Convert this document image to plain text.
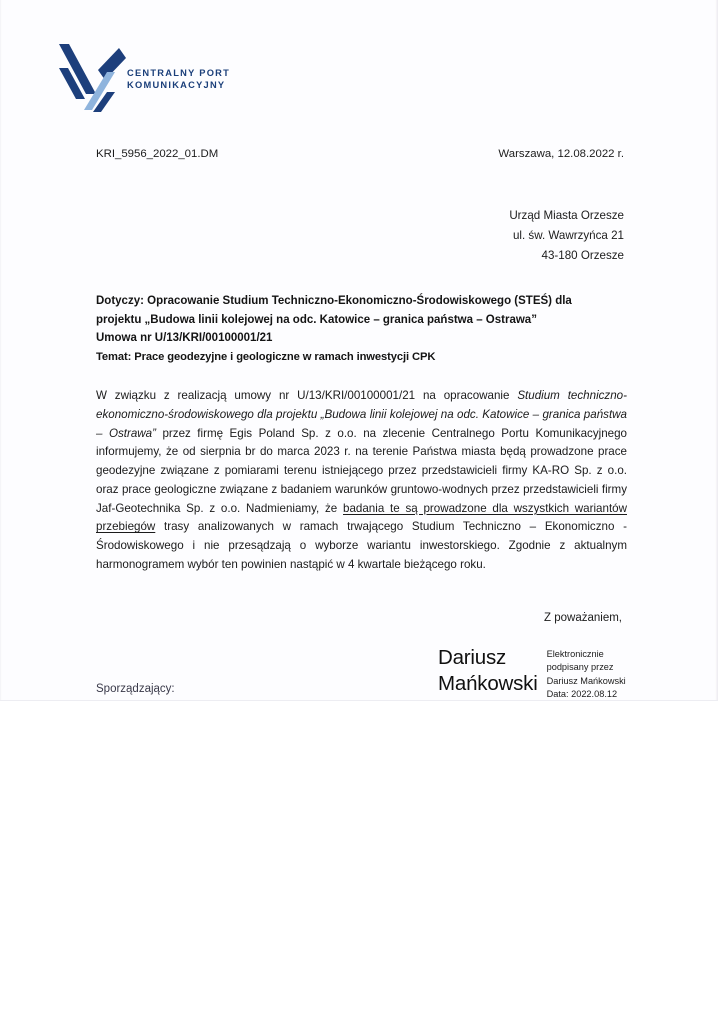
CENTRALNY PORT
KOMUNIKACYJNY
KRI_5956_2022_01.DM	Warszawa, 12.08.2022 r.
Urząd Miasta Orzesze
ul. św. Wawrzyńca 21
43-180 Orzesze
Dotyczy: Opracowanie Studium Techniczno-Ekonomiczno-Środowiskowego (STEŚ) dla
projektu „Budowa linii kolejowej na odc. Katowice – granica państwa – Ostrawa”
Umowa nr U/13/KRI/00100001/21
Temat: Prace geodezyjne i geologiczne w ramach inwestycji CPK

W związku z realizacją umowy nr U/13/KRI/00100001/21 na opracowanie Studium techniczno-ekonomiczno-środowiskowego dla projektu „Budowa linii kolejowej na odc. Katowice – granica państwa – Ostrawa” przez firmę Egis Poland Sp. z o.o. na zlecenie Centralnego Portu Komunikacyjnego informujemy, że od sierpnia br do marca 2023 r. na terenie Państwa miasta będą prowadzone prace geodezyjne związane z pomiarami terenu istniejącego przez przedstawicieli firmy KA-RO Sp. z o.o. oraz prace geologiczne związane z badaniem warunków gruntowo-wodnych przez przedstawicieli firmy Jaf-Geotechnika Sp. z o.o. Nadmieniamy, że badania te są prowadzone dla wszystkich wariantów przebiegów trasy analizowanych w ramach trwającego Studium Techniczno – Ekonomiczno - Środowiskowego i nie przesądzają o wyborze wariantu inwestorskiego. Zgodnie z aktualnym harmonogramem wybór ten powinien nastąpić w 4 kwartale bieżącego roku.

Z poważaniem,
Dariusz
Mańkowski
Elektronicznie
podpisany przez
Dariusz Mańkowski
Data: 2022.08.12
Sporządzający:
